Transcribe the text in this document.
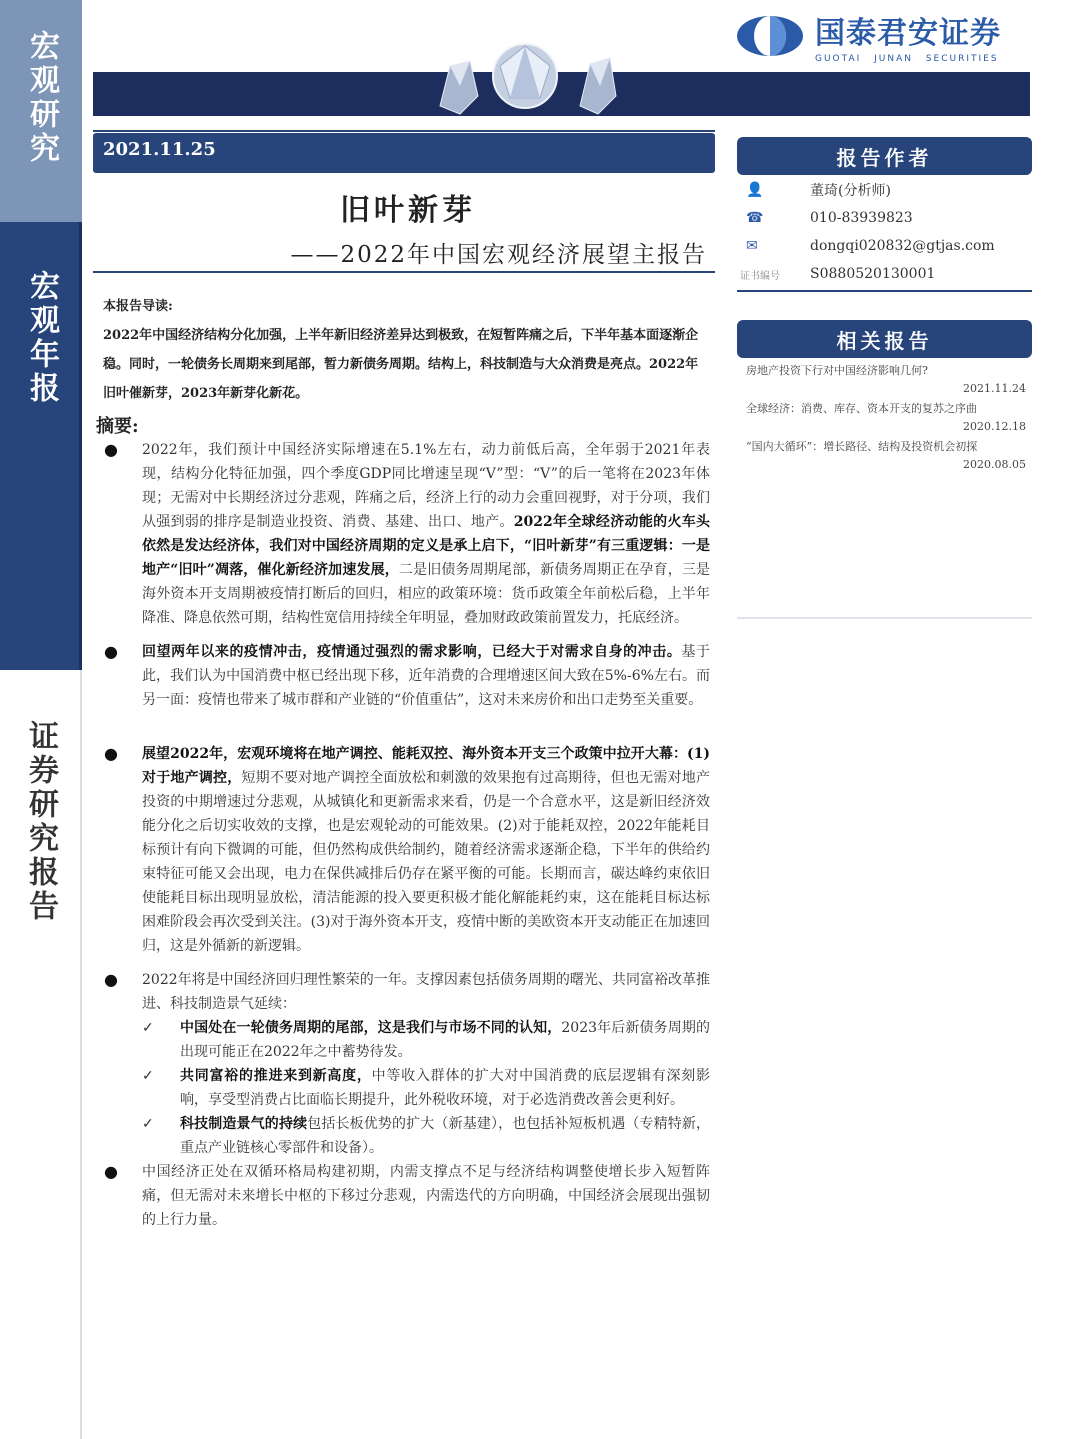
宏观研究
宏观年报
证券研究报告
国泰君安证券
GUOTAI JUNAN SECURITIES
2021.11.25
旧叶新芽
——2022年中国宏观经济展望主报告
本报告导读:
2022年中国经济结构分化加强，上半年新旧经济差异达到极致，在短暂阵痛之后，下半年基本面逐渐企稳。同时，一轮债务长周期来到尾部，暂力新债务周期。结构上，科技制造与大众消费是亮点。2022年旧叶催新芽，2023年新芽化新花。
摘要:
● 2022年，我们预计中国经济实际增速在5.1%左右，动力前低后高，全年弱于2021年表现，结构分化特征加强，四个季度GDP同比增速呈现“V”型：“V”的后一笔将在2023年体现；无需对中长期经济过分悲观，阵痛之后，经济上行的动力会重回视野，对于分项，我们从强到弱的排序是制造业投资、消费、基建、出口、地产。2022年全球经济动能的火车头依然是发达经济体，我们对中国经济周期的定义是承上启下，“旧叶新芽”有三重逻辑：一是地产“旧叶”凋落，催化新经济加速发展，二是旧债务周期尾部，新债务周期正在孕育，三是海外资本开支周期被疫情打断后的回归，相应的政策环境：货币政策全年前松后稳，上半年降准、降息依然可期，结构性宽信用持续全年明显，叠加财政政策前置发力，托底经济。
● 回望两年以来的疫情冲击，疫情通过强烈的需求影响，已经大于对需求自身的冲击。基于此，我们认为中国消费中枢已经出现下移，近年消费的合理增速区间大致在5%-6%左右。而另一面：疫情也带来了城市群和产业链的“价值重估”，这对未来房价和出口走势至关重要。
● 展望2022年，宏观环境将在地产调控、能耗双控、海外资本开支三个政策中拉开大幕：(1)对于地产调控，短期不要对地产调控全面放松和刺激的效果抱有过高期待，但也无需对地产投资的中期增速过分悲观，从城镇化和更新需求来看，仍是一个合意水平，这是新旧经济效能分化之后切实收效的支撑，也是宏观轮动的可能效果。(2)对于能耗双控，2022年能耗目标预计有向下微调的可能，但仍然构成供给制约，随着经济需求逐渐企稳，下半年的供给约束特征可能又会出现，电力在保供减排后仍存在紧平衡的可能。长期而言，碳达峰约束依旧使能耗目标出现明显放松，清洁能源的投入要更积极才能化解能耗约束，这在能耗目标达标困难阶段会再次受到关注。(3)对于海外资本开支，疫情中断的美欧资本开支动能正在加速回归，这是外循新的新逻辑。
● 2022年将是中国经济回归理性繁荣的一年。支撑因素包括债务周期的曙光、共同富裕改革推进、科技制造景气延续：
✓ 中国处在一轮债务周期的尾部，这是我们与市场不同的认知，2023年后新债务周期的出现可能正在2022年之中蓄势待发。
✓ 共同富裕的推进来到新高度，中等收入群体的扩大对中国消费的底层逻辑有深刻影响，享受型消费占比面临长期提升，此外税收环境，对于必选消费改善会更利好。
✓ 科技制造景气的持续包括长板优势的扩大（新基建），也包括补短板机遇（专精特新，重点产业链核心零部件和设备）。
● 中国经济正处在双循环格局构建初期，内需支撑点不足与经济结构调整使增长步入短暂阵痛，但无需对未来增长中枢的下移过分悲观，内需迭代的方向明确，中国经济会展现出强韧的上行力量。
报告作者
👤	董琦(分析师)
☎	010-83939823
✉	dongqi020832@gtjas.com
证书编号	S0880520130001
相关报告
房地产投资下行对中国经济影响几何?
2021.11.24
全球经济：消费、库存、资本开支的复苏之序曲
2020.12.18
“国内大循环”：增长路径、结构及投资机会初探
2020.08.05
